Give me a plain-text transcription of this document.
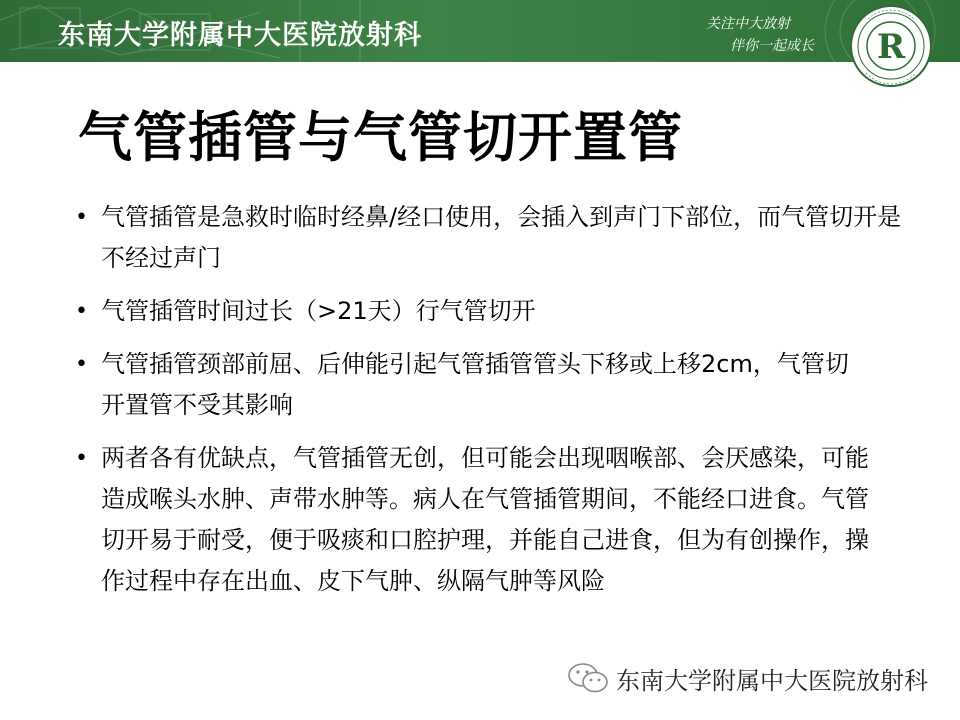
东南大学附属中大医院放射科	关注中大放射
伴你一起成长 R
气管插管与气管切开置管
• 气管插管是急救时临时经鼻/经口使用，会插入到声门下部位，而气管切开是不经过声门
• 气管插管时间过长（>21天）行气管切开
• 气管插管颈部前屈、后伸能引起气管插管管头下移或上移2cm，气管切开置管不受其影响
• 两者各有优缺点，气管插管无创，但可能会出现咽喉部、会厌感染，可能造成喉头水肿、声带水肿等。病人在气管插管期间，不能经口进食。气管切开易于耐受，便于吸痰和口腔护理，并能自己进食，但为有创操作，操作过程中存在出血、皮下气肿、纵隔气肿等风险
东南大学附属中大医院放射科
